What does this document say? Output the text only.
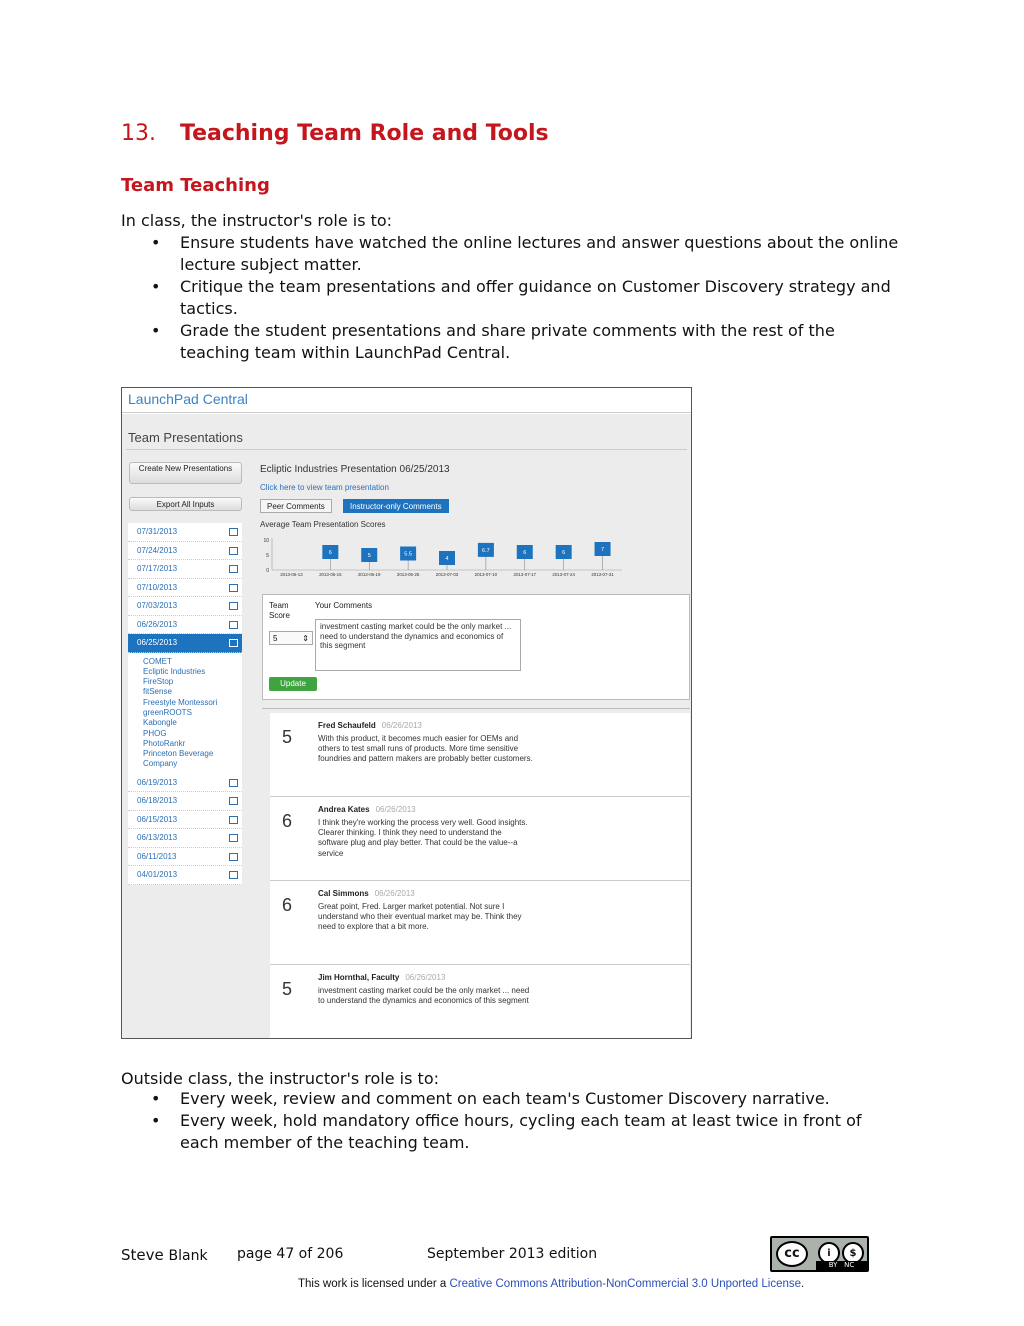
13. Teaching Team Role and Tools
Team Teaching
In class, the instructor's role is to:
• Ensure students have watched the online lectures and answer questions about the online lecture subject matter.
• Critique the team presentations and offer guidance on Customer Discovery strategy and tactics.
• Grade the student presentations and share private comments with the rest of the teaching team within LaunchPad Central.
LaunchPad Central
Team Presentations
Create New Presentations
Export All Inputs
07/31/2013
07/24/2013
07/17/2013
07/10/2013
07/03/2013
06/26/2013
06/25/2013
COMET
Ecliptic Industries
FireStop
fitSense
Freestyle Montessori
greenROOTS
Kabongle
PHOG
PhotoRankr
Princeton Beverage Company
06/19/2013
06/18/2013
06/15/2013
06/13/2013
06/11/2013
04/01/2013
Ecliptic Industries Presentation 06/25/2013
Click here to view team presentation
Peer Comments	Instructor-only Comments
Average Team Presentation Scores
10
5
0
2013-06-13
6
2013-06-15
5
2013-06-19
5.5
2013-06-25
4
2013-07-03
6.7
2013-07-10
6
2013-07-17
6
2013-07-24
7
2013-07-31
Team Score
Your Comments
5	⇕
investment casting market could be the only market ... need to understand the dynamics and economics of this segment
Update
5
Fred Schaufeld 06/26/2013
With this product, it becomes much easier for OEMs and others to test small runs of products. More time sensitive foundries and pattern makers are probably better customers.
6
Andrea Kates 06/26/2013
I think they're working the process very well. Good insights. Clearer thinking. I think they need to understand the software plug and play better. That could be the value--a service
6
Cal Simmons 06/26/2013
Great point, Fred. Larger market potential. Not sure I understand who their eventual market may be. Think they need to explore that a bit more.
5
Jim Hornthal, Faculty 06/26/2013
investment casting market could be the only market ... need to understand the dynamics and economics of this segment
Outside class, the instructor's role is to:
• Every week, review and comment on each team's Customer Discovery narrative.
• Every week, hold mandatory office hours, cycling each team at least twice in front of each member of the teaching team.
Steve Blank page 47 of 206	September 2013 edition	cc	i	$
BY NC
This work is licensed under a Creative Commons Attribution-NonCommercial 3.0 Unported License.
